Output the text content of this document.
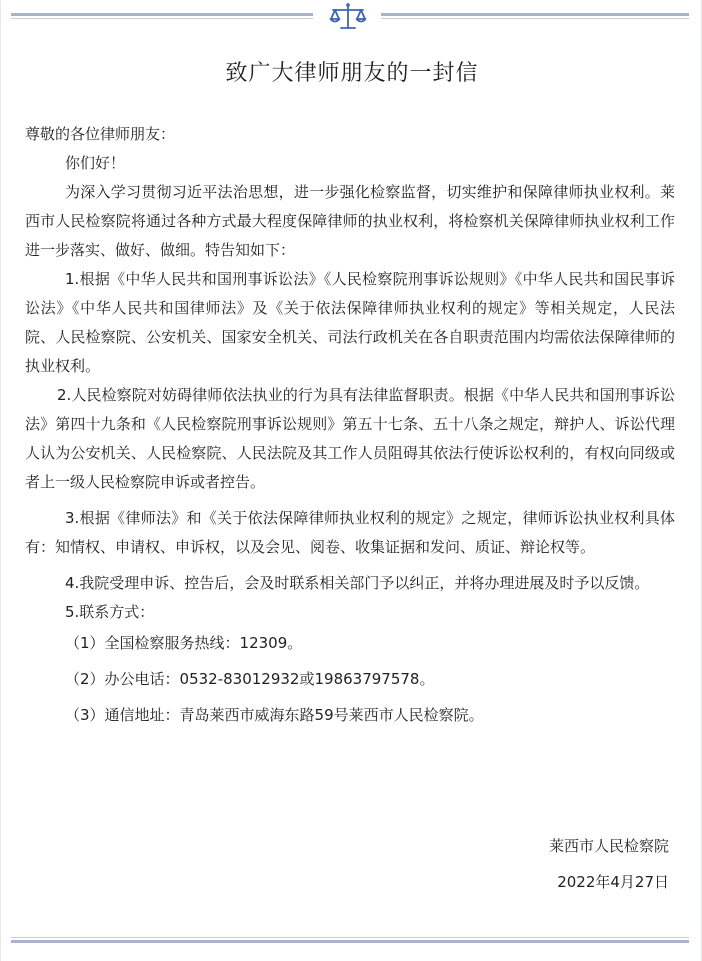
致广大律师朋友的一封信

尊敬的各位律师朋友：

你们好！

为深入学习贯彻习近平法治思想，进一步强化检察监督，切实维护和保障律师执业权利。莱西市人民检察院将通过各种方式最大程度保障律师的执业权利，将检察机关保障律师执业权利工作进一步落实、做好、做细。特告知如下：

1.根据《中华人民共和国刑事诉讼法》《人民检察院刑事诉讼规则》《中华人民共和国民事诉讼法》《中华人民共和国律师法》及《关于依法保障律师执业权利的规定》等相关规定，人民法院、人民检察院、公安机关、国家安全机关、司法行政机关在各自职责范围内均需依法保障律师的执业权利。

2.人民检察院对妨碍律师依法执业的行为具有法律监督职责。根据《中华人民共和国刑事诉讼法》第四十九条和《人民检察院刑事诉讼规则》第五十七条、五十八条之规定，辩护人、诉讼代理人认为公安机关、人民检察院、人民法院及其工作人员阻碍其依法行使诉讼权利的，有权向同级或者上一级人民检察院申诉或者控告。

3.根据《律师法》和《关于依法保障律师执业权利的规定》之规定，律师诉讼执业权利具体有：知情权、申请权、申诉权，以及会见、阅卷、收集证据和发问、质证、辩论权等。

4.我院受理申诉、控告后，会及时联系相关部门予以纠正，并将办理进展及时予以反馈。

5.联系方式：

（1）全国检察服务热线：12309。

（2）办公电话：0532-83012932或19863797578。

（3）通信地址：青岛莱西市威海东路59号莱西市人民检察院。

莱西市人民检察院
2022年4月27日
